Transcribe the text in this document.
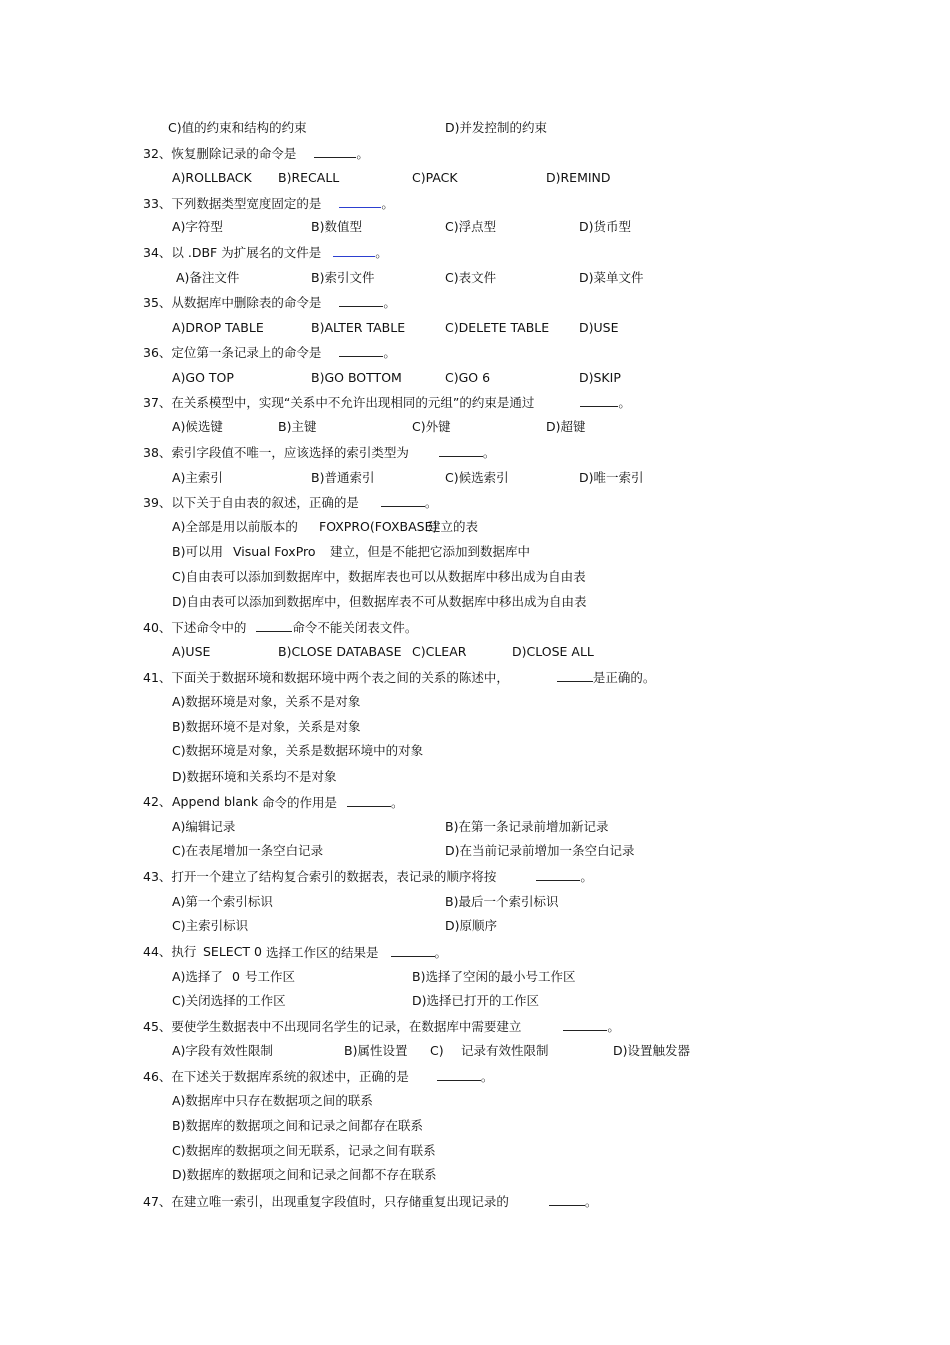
C)值的约束和结构的约束	D)并发控制的约束
32、恢复删除记录的命令是	。
A)ROLLBACK B)RECALL	C)PACK	D)REMIND
33、下列数据类型宽度固定的是	。
A)字符型	B)数值型	C)浮点型	D)货币型
34、以 .DBF 为扩展名的文件是	。
A)备注文件	B)索引文件	C)表文件	D)菜单文件
35、从数据库中删除表的命令是	。
A)DROP TABLE	B)ALTER TABLE	C)DELETE TABLE D)USE
36、定位第一条记录上的命令是	。
A)GO TOP	B)GO BOTTOM	C)GO 6	D)SKIP
37、在关系模型中，实现“关系中不允许出现相同的元组”的约束是通过	。
A)候选键	B)主键	C)外键	D)超键
38、索引字段值不唯一，应该选择的索引类型为	。
A)主索引	B)普通索引	C)候选索引	D)唯一索引
39、以下关于自由表的叙述，正确的是	。
A)全部是用以前版本的 FOXPRO(FOXBASE)
建立的表
B)可以用 Visual FoxPro 建立，但是不能把它添加到数据库中
C)自由表可以添加到数据库中，数据库表也可以从数据库中移出成为自由表
D)自由表可以添加到数据库中，但数据库表不可从数据库中移出成为自由表
40、下述命令中的	命令不能关闭表文件。
A)USE	B)CLOSE DATABASE C)CLEAR	D)CLOSE ALL
41、下面关于数据环境和数据环境中两个表之间的关系的陈述中，	是正确的。
A)数据环境是对象，关系不是对象
B)数据环境不是对象，关系是对象
C)数据环境是对象，关系是数据环境中的对象
D)数据环境和关系均不是对象
42、 Append blank 命令的作用是	。
A)编辑记录	B)在第一条记录前增加新记录
C)在表尾增加一条空白记录	D)在当前记录前增加一条空白记录
43、打开一个建立了结构复合索引的数据表，表记录的顺序将按	。
A)第一个索引标识	B)最后一个索引标识
C)主索引标识	D)原顺序
44、执行 SELECT 0 选择工作区的结果是	。
A)选择了 0 号工作区	B)选择了空闲的最小号工作区
C)关闭选择的工作区	D)选择已打开的工作区
45、要使学生数据表中不出现同名学生的记录，在数据库中需要建立	。
A)字段有效性限制	B)属性设置 C) 记录有效性限制	D)设置触发器
46、在下述关于数据库系统的叙述中，正确的是	。
A)数据库中只存在数据项之间的联系
B)数据库的数据项之间和记录之间都存在联系
C)数据库的数据项之间无联系，记录之间有联系
D)数据库的数据项之间和记录之间都不存在联系
47、在建立唯一索引，出现重复字段值时，只存储重复出现记录的	。
